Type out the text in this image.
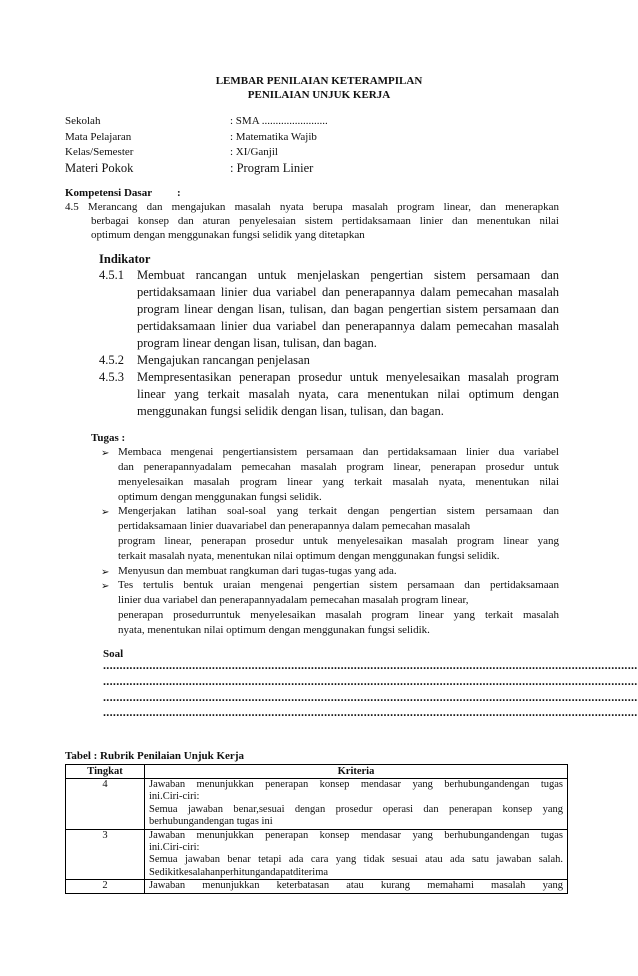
LEMBAR PENILAIAN KETERAMPILAN
PENILAIAN UNJUK KERJA
Sekolah	: SMA ........................
Mata Pelajaran	: Matematika Wajib
Kelas/Semester	: XI/Ganjil
Materi Pokok	: Program Linier
Kompetensi Dasar :
4.5 Merancang dan mengajukan masalah nyata berupa masalah program linear, dan menerapkan
berbagai konsep dan aturan penyelesaian sistem pertidaksamaan linier dan menentukan nilai
optimum dengan menggunakan fungsi selidik yang ditetapkan
Indikator
4.5.1 Membuat rancangan untuk menjelaskan pengertian sistem persamaan dan
pertidaksamaan linier dua variabel dan penerapannya dalam pemecahan masalah
program linear dengan lisan, tulisan, dan bagan pengertian sistem persamaan dan
pertidaksamaan linier dua variabel dan penerapannya dalam pemecahan masalah
program linear dengan lisan, tulisan, dan bagan.
4.5.2 Mengajukan rancangan penjelasan
4.5.3 Mempresentasikan penerapan prosedur untuk menyelesaikan masalah program
linear yang terkait masalah nyata, cara menentukan nilai optimum dengan
menggunakan fungsi selidik dengan lisan, tulisan, dan bagan.
Tugas :
➢ Membaca mengenai pengertiansistem persamaan dan pertidaksamaan linier dua variabel
dan penerapannyadalam pemecahan masalah program linear, penerapan prosedur untuk
menyelesaikan masalah program linear yang terkait masalah nyata, menentukan nilai
optimum dengan menggunakan fungsi selidik.
➢ Mengerjakan latihan soal-soal yang terkait dengan pengertian sistem persamaan dan
pertidaksamaan linier duavariabel dan penerapannya dalam pemecahan masalah
program linear, penerapan prosedur untuk menyelesaikan masalah program linear yang
terkait masalah nyata, menentukan nilai optimum dengan menggunakan fungsi selidik.
➢ Menyusun dan membuat rangkuman dari tugas-tugas yang ada.
➢ Tes tertulis bentuk uraian mengenai pengertian sistem persamaan dan pertidaksamaan
linier dua variabel dan penerapannyadalam pemecahan masalah program linear,
penerapan prosedurruntuk menyelesaikan masalah program linear yang terkait masalah
nyata, menentukan nilai optimum dengan menggunakan fungsi selidik.
Soal
..................................................................................................................................................................
..................................................................................................................................................................
..................................................................................................................................................................
..................................................................................................................................................................
Tabel : Rubrik Penilaian Unjuk Kerja
Tingkat	Kriteria
4	Jawaban menunjukkan penerapan konsep mendasar yang berhubungandengan tugas
ini.Ciri-ciri:
Semua jawaban benar,sesuai dengan prosedur operasi dan penerapan konsep yang
berhubungandengan tugas ini

3	Jawaban menunjukkan penerapan konsep mendasar yang berhubungandengan tugas
ini.Ciri-ciri:
Semua jawaban benar tetapi ada cara yang tidak sesuai atau ada satu jawaban salah.
Sedikitkesalahanperhitungandapatditerima

2	Jawaban menunjukkan keterbatasan atau kurang memahami masalah yang
